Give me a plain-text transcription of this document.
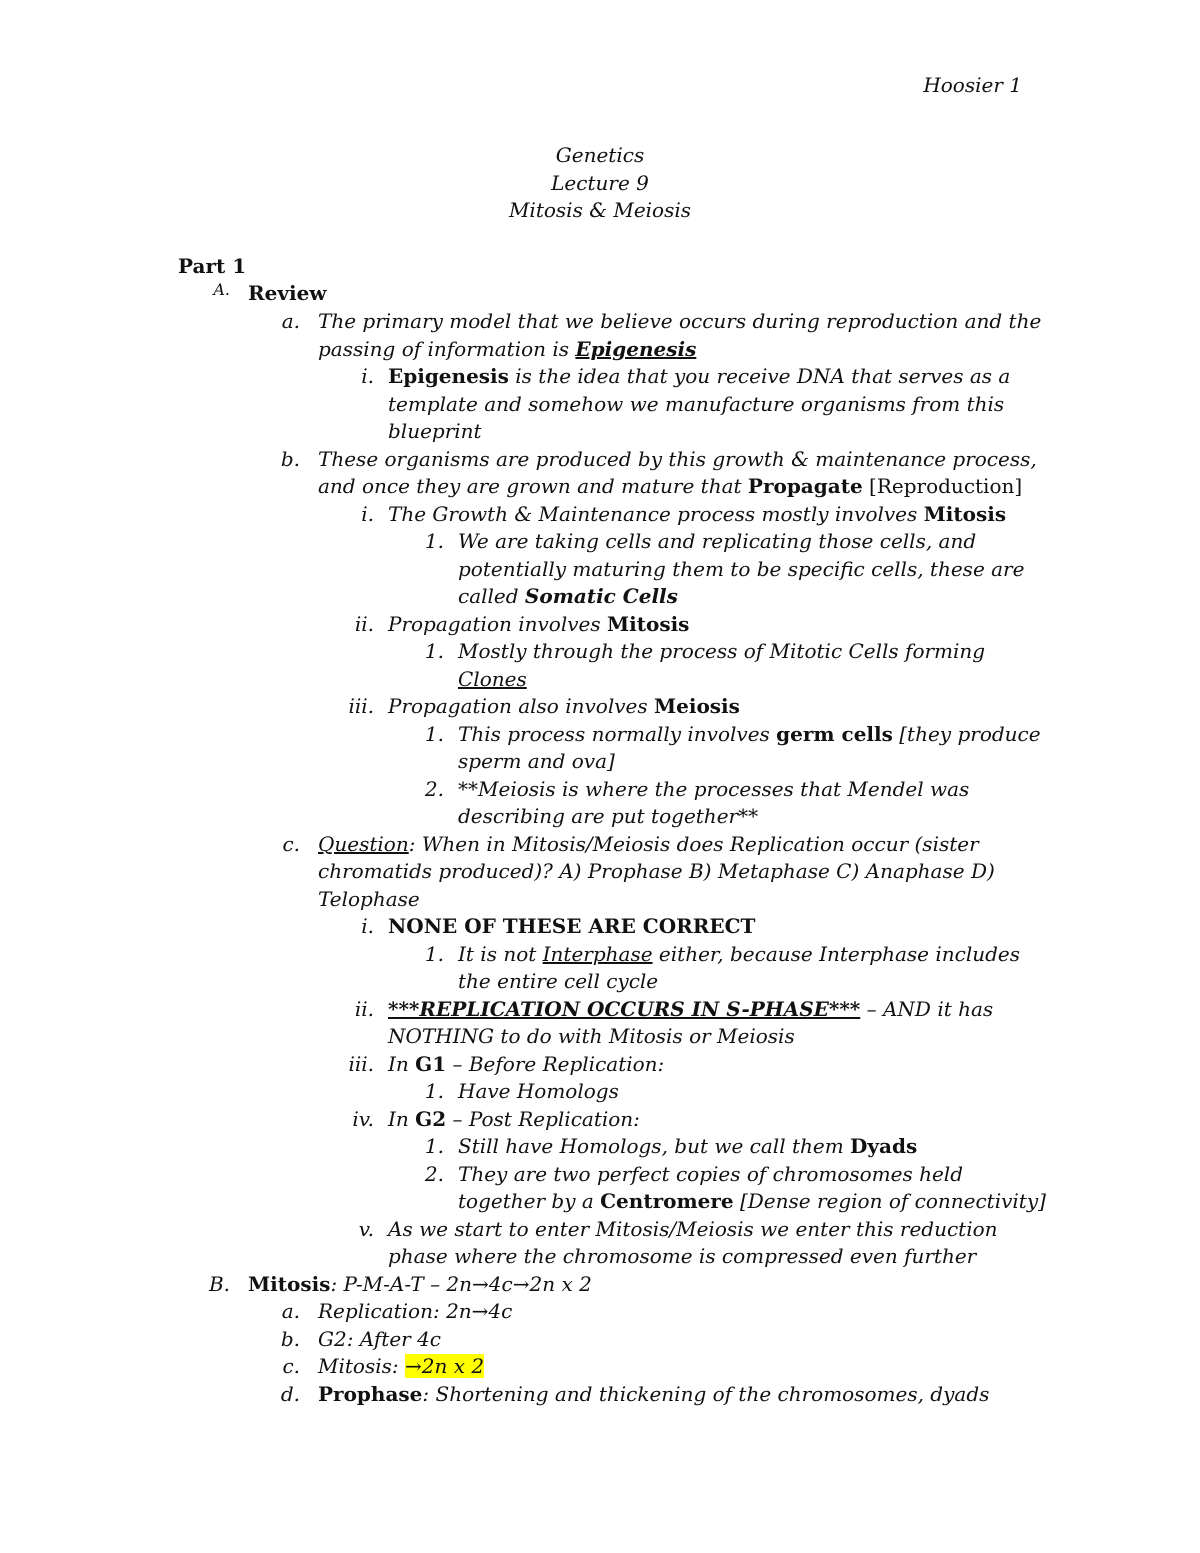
Hoosier 1
Genetics
Lecture 9
Mitosis & Meiosis
Part 1
A. Review
a. The primary model that we believe occurs during reproduction and the
passing of information is Epigenesis
i. Epigenesis is the idea that you receive DNA that serves as a
template and somehow we manufacture organisms from this
blueprint
b. These organisms are produced by this growth & maintenance process,
and once they are grown and mature that Propagate [Reproduction]
i. The Growth & Maintenance process mostly involves Mitosis
1. We are taking cells and replicating those cells, and
potentially maturing them to be specific cells, these are
called Somatic Cells
ii. Propagation involves Mitosis
1. Mostly through the process of Mitotic Cells forming
Clones
iii. Propagation also involves Meiosis
1. This process normally involves germ cells [they produce
sperm and ova]
2. **Meiosis is where the processes that Mendel was
describing are put together**
c. Question: When in Mitosis/Meiosis does Replication occur (sister
chromatids produced)? A) Prophase B) Metaphase C) Anaphase D)
Telophase
i. NONE OF THESE ARE CORRECT
1. It is not Interphase either, because Interphase includes
the entire cell cycle
ii. ***REPLICATION OCCURS IN S-PHASE*** – AND it has
NOTHING to do with Mitosis or Meiosis
iii. In G1 – Before Replication:
1. Have Homologs
iv. In G2 – Post Replication:
1. Still have Homologs, but we call them Dyads
2. They are two perfect copies of chromosomes held
together by a Centromere [Dense region of connectivity]
v. As we start to enter Mitosis/Meiosis we enter this reduction
phase where the chromosome is compressed even further
B. Mitosis: P-M-A-T – 2n→4c→2n x 2
a. Replication: 2n→4c
b. G2: After 4c
c. Mitosis: →2n x 2
d. Prophase: Shortening and thickening of the chromosomes, dyads
